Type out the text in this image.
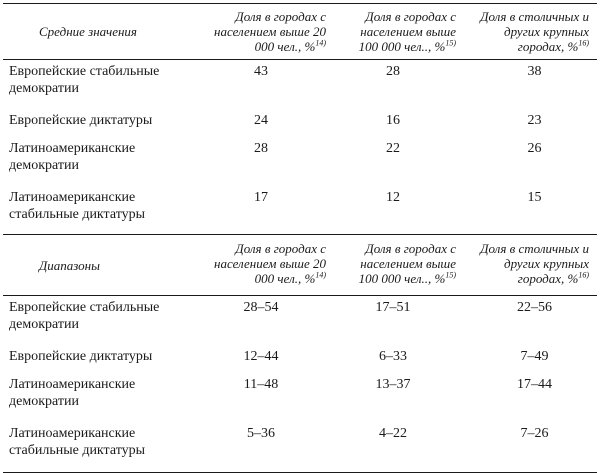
Средние значения	Доля в городах с населением выше 20 000 чел., %$^{14)}$	Доля в городах с населением выше 100 000 чел.., %$^{15)}$	Доля в столичных и других крупных городах, %$^{16)}$
Европейские стабильные демократии	43	28	38
Европейские диктатуры	24	16	23
Латиноамериканские демократии	28	22	26
Латиноамериканские стабильные диктатуры	17	12	15
Диапазоны	Доля в городах с населением выше 20 000 чел., %$^{14)}$	Доля в городах с населением выше 100 000 чел.., %$^{15)}$	Доля в столичных и других крупных городах, %$^{16)}$
Европейские стабильные демократии	28–54	17–51	22–56
Европейские диктатуры	12–44	6–33	7–49
Латиноамериканские демократии	11–48	13–37	17–44
Латиноамериканские стабильные диктатуры	5–36	4–22	7–26
